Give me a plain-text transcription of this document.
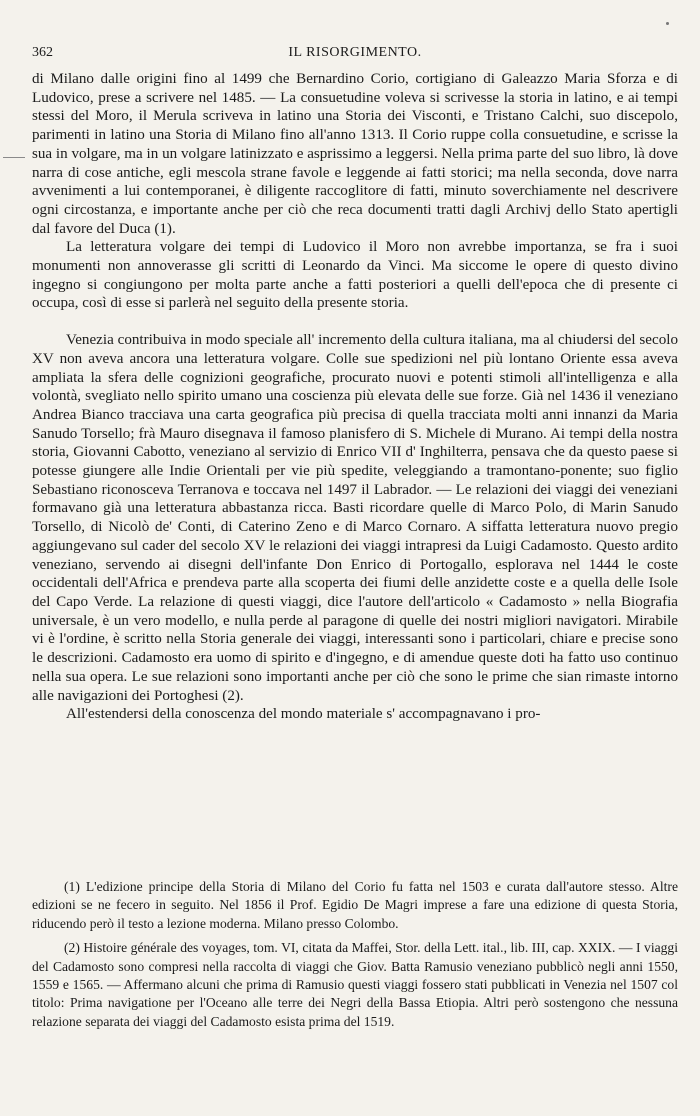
362	IL RISORGIMENTO.

di Milano dalle origini fino al 1499 che Bernardino Corio, cortigiano di Galeazzo Maria Sforza e di Ludovico, prese a scrivere nel 1485. — La consuetudine voleva si scrivesse la storia in latino, e ai tempi stessi del Moro, il Merula scriveva in latino una Storia dei Visconti, e Tristano Calchi, suo discepolo, parimenti in latino una Storia di Milano fino all'anno 1313. Il Corio ruppe colla consuetudine, e scrisse la sua in volgare, ma in un volgare latinizzato e asprissimo a leggersi. Nella prima parte del suo libro, là dove narra di cose antiche, egli mescola strane favole e leggende ai fatti storici; ma nella seconda, dove narra avvenimenti a lui contemporanei, è diligente raccoglitore di fatti, minuto soverchiamente nel descrivere ogni circostanza, e importante anche per ciò che reca documenti tratti dagli Archivj dello Stato apertigli dal favore del Duca (1).

La letteratura volgare dei tempi di Ludovico il Moro non avrebbe importanza, se fra i suoi monumenti non annoverasse gli scritti di Leonardo da Vinci. Ma siccome le opere di questo divino ingegno si congiungono per molta parte anche a fatti posteriori a quelli dell'epoca che di presente ci occupa, così di esse si parlerà nel seguito della presente storia.

Venezia contribuiva in modo speciale all' incremento della cultura italiana, ma al chiudersi del secolo XV non aveva ancora una letteratura volgare. Colle sue spedizioni nel più lontano Oriente essa aveva ampliata la sfera delle cognizioni geografiche, procurato nuovi e potenti stimoli all'intelligenza e alla volontà, svegliato nello spirito umano una coscienza più elevata delle sue forze. Già nel 1436 il veneziano Andrea Bianco tracciava una carta geografica più precisa di quella tracciata molti anni innanzi da Maria Sanudo Torsello; frà Mauro disegnava il famoso planisfero di S. Michele di Murano. Ai tempi della nostra storia, Giovanni Cabotto, veneziano al servizio di Enrico VII d' Inghilterra, pensava che da questo paese si potesse giungere alle Indie Orientali per vie più spedite, veleggiando a tramontano-ponente; suo figlio Sebastiano riconosceva Terranova e toccava nel 1497 il Labrador. — Le relazioni dei viaggi dei veneziani formavano già una letteratura abbastanza ricca. Basti ricordare quelle di Marco Polo, di Marin Sanudo Torsello, di Nicolò de' Conti, di Caterino Zeno e di Marco Cornaro. A siffatta letteratura nuovo pregio aggiungevano sul cader del secolo XV le relazioni dei viaggi intrapresi da Luigi Cadamosto. Questo ardito veneziano, servendo ai disegni dell'infante Don Enrico di Portogallo, esplorava nel 1444 le coste occidentali dell'Africa e prendeva parte alla scoperta dei fiumi delle anzidette coste e a quella delle Isole del Capo Verde. La relazione di questi viaggi, dice l'autore dell'articolo « Cadamosto » nella Biografia universale, è un vero modello, e nulla perde al paragone di quelle dei nostri migliori navigatori. Mirabile vi è l'ordine, è scritto nella Storia generale dei viaggi, interessanti sono i particolari, chiare e precise sono le descrizioni. Cadamosto era uomo di spirito e d'ingegno, e di amendue queste doti ha fatto uso continuo nella sua opera. Le sue relazioni sono importanti anche per ciò che sono le prime che sian rimaste intorno alle navigazioni dei Portoghesi (2).

All'estendersi della conoscenza del mondo materiale s' accompagnavano i pro-

(1) L'edizione principe della Storia di Milano del Corio fu fatta nel 1503 e curata dall'autore stesso. Altre edizioni se ne fecero in seguito. Nel 1856 il Prof. Egidio De Magri imprese a fare una edizione di questa Storia, riducendo però il testo a lezione moderna. Milano presso Colombo.

(2) Histoire générale des voyages, tom. VI, citata da Maffei, Stor. della Lett. ital., lib. III, cap. XXIX. — I viaggi del Cadamosto sono compresi nella raccolta di viaggi che Giov. Batta Ramusio veneziano pubblicò negli anni 1550, 1559 e 1565. — Affermano alcuni che prima di Ramusio questi viaggi fossero stati pubblicati in Venezia nel 1507 col titolo: Prima navigatione per l'Oceano alle terre dei Negri della Bassa Etiopia. Altri però sostengono che nessuna relazione separata dei viaggi del Cadamosto esista prima del 1519.
